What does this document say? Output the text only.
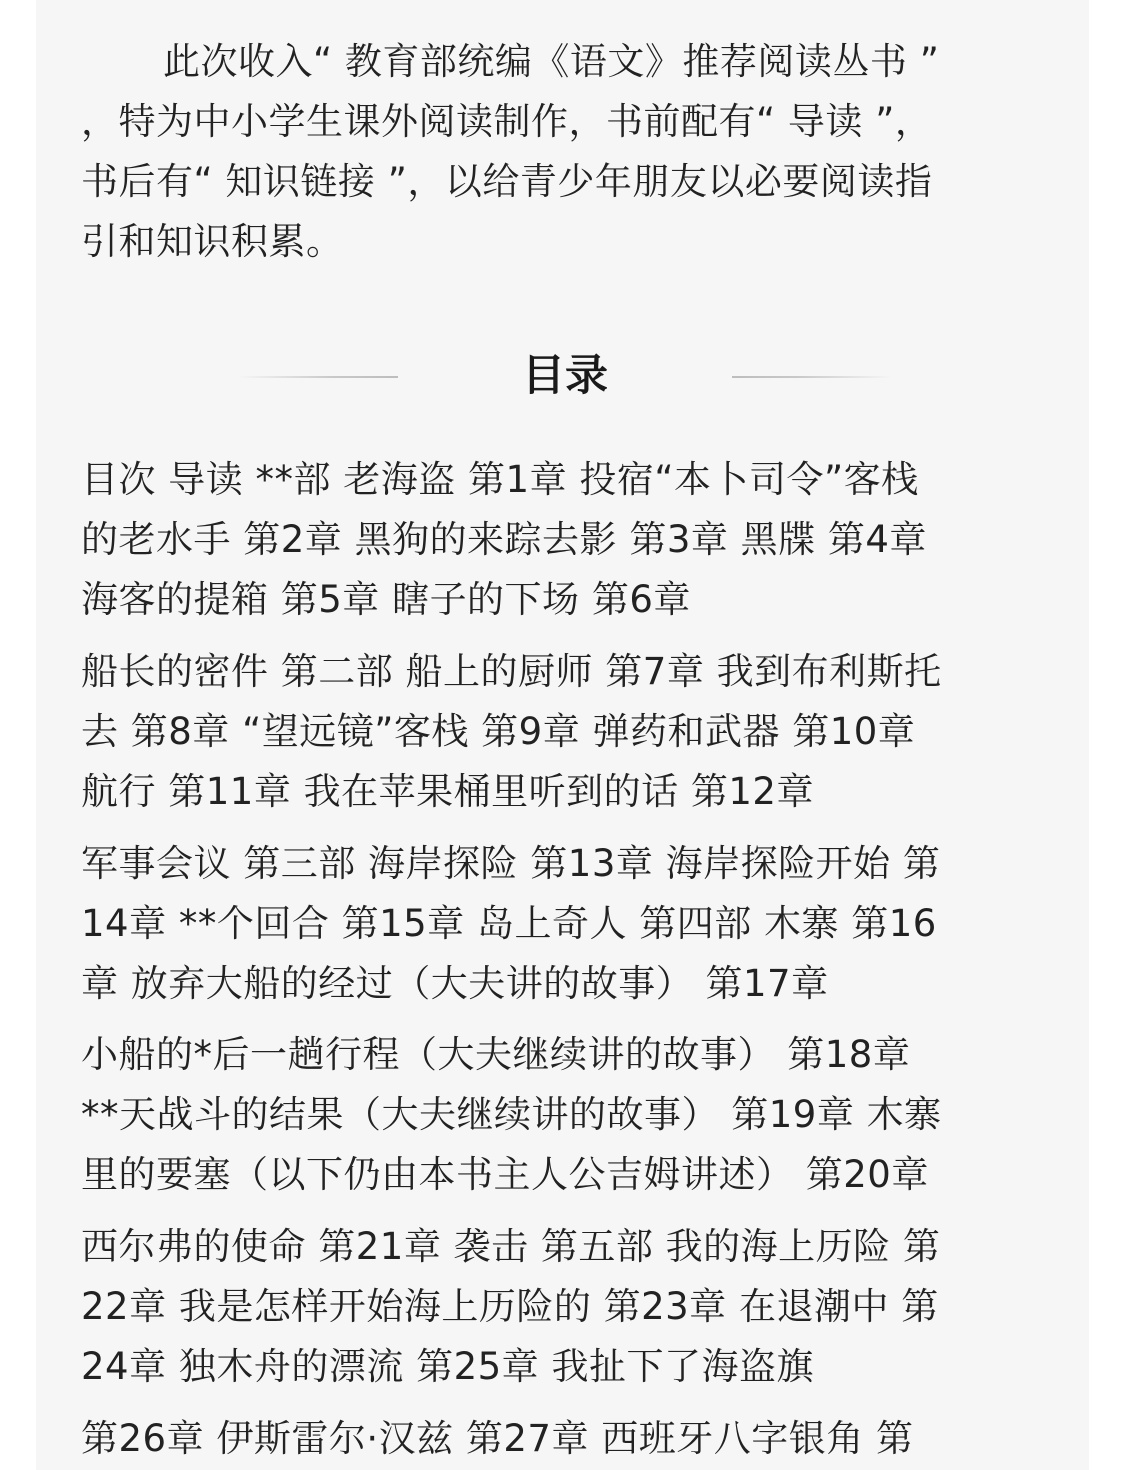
此次收入“ 教育部统编《语文》推荐阅读丛书 ”
，特为中小学生课外阅读制作，书前配有“ 导读 ”，
书后有“ 知识链接 ”，以给青少年朋友以必要阅读指
引和知识积累。

目录

目次 导读 **部 老海盗 第1章 投宿“本卜司令”客栈
的老水手 第2章 黑狗的来踪去影 第3章 黑牒 第4章
海客的提箱 第5章 瞎子的下场 第6章

船长的密件 第二部 船上的厨师 第7章 我到布利斯托
去 第8章 “望远镜”客栈 第9章 弹药和武器 第10章
航行 第11章 我在苹果桶里听到的话 第12章

军事会议 第三部 海岸探险 第13章 海岸探险开始 第
14章 **个回合 第15章 岛上奇人 第四部 木寨 第16
章 放弃大船的经过（大夫讲的故事） 第17章

小船的*后一趟行程（大夫继续讲的故事） 第18章
**天战斗的结果（大夫继续讲的故事） 第19章 木寨
里的要塞（以下仍由本书主人公吉姆讲述） 第20章

西尔弗的使命 第21章 袭击 第五部 我的海上历险 第
22章 我是怎样开始海上历险的 第23章 在退潮中 第
24章 独木舟的漂流 第25章 我扯下了海盗旗

第26章 伊斯雷尔·汉兹 第27章 西班牙八字银角 第
